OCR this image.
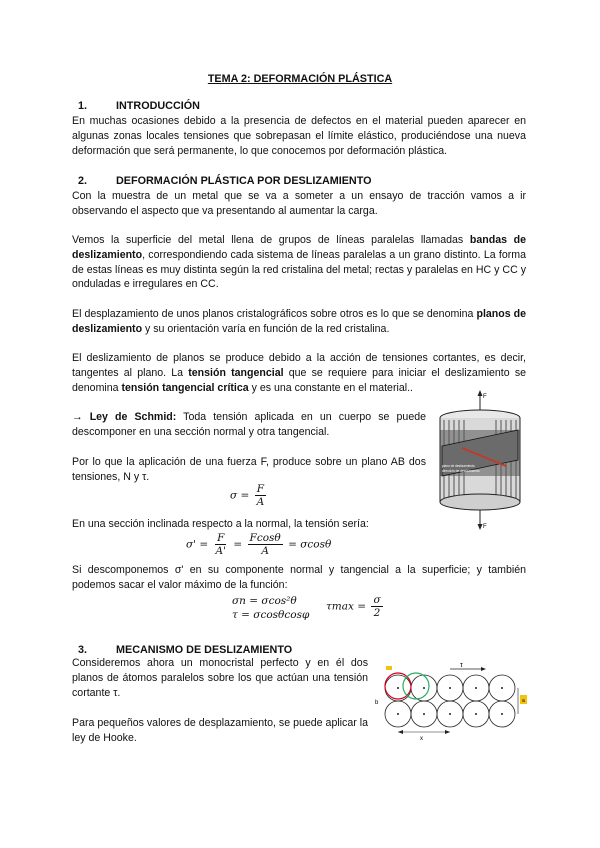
TEMA 2: DEFORMACIÓN PLÁSTICA
1.	INTRODUCCIÓN
En muchas ocasiones debido a la presencia de defectos en el material pueden aparecer en algunas zonas locales tensiones que sobrepasan el límite elástico, produciéndose una nueva deformación que será permanente, lo que conocemos por deformación plástica.
2.	DEFORMACIÓN PLÁSTICA POR DESLIZAMIENTO
Con la muestra de un metal que se va a someter a un ensayo de tracción vamos a ir observando el aspecto que va presentando al aumentar la carga.
Vemos la superficie del metal llena de grupos de líneas paralelas llamadas bandas de deslizamiento, correspondiendo cada sistema de líneas paralelas a un grano distinto. La forma de estas líneas es muy distinta según la red cristalina del metal; rectas y paralelas en HC y CC y onduladas e irregulares en CC.
El desplazamiento de unos planos cristalográficos sobre otros es lo que se denomina planos de deslizamiento y su orientación varía en función de la red cristalina.
El deslizamiento de planos se produce debido a la acción de tensiones cortantes, es decir, tangentes al plano. La tensión tangencial que se requiere para iniciar el deslizamiento se denomina tensión tangencial crítica y es una constante en el material..
→ Ley de Schmid: Toda tensión aplicada en un cuerpo se puede descomponer en una sección normal y otra tangencial.
Por lo que la aplicación de una fuerza F, produce sobre un plano AB dos tensiones, N y τ.
$\sigma = \frac{F}{A}$
En una sección inclinada respecto a la normal, la tensión sería:
$\sigma' = \frac{F}{A'} = \frac{Fcos\theta}{A} = \sigma\cos\theta$
Si descomponemos σ' en su componente normal y tangencial a la superficie; y también podemos sacar el valor máximo de la función:
σn = σcos²θ
τ = σcosθcosφ
$\tau\max = \frac{\sigma}{2}$
F
plano de deslizamiento
dirección de deslizamiento
F
3.	MECANISMO DE DESLIZAMIENTO
Consideremos ahora un monocristal perfecto y en él dos planos de átomos paralelos sobre los que actúan una tensión cortante τ.
Para pequeños valores de desplazamiento, se puede aplicar la ley de Hooke.
τ
a
b
x
